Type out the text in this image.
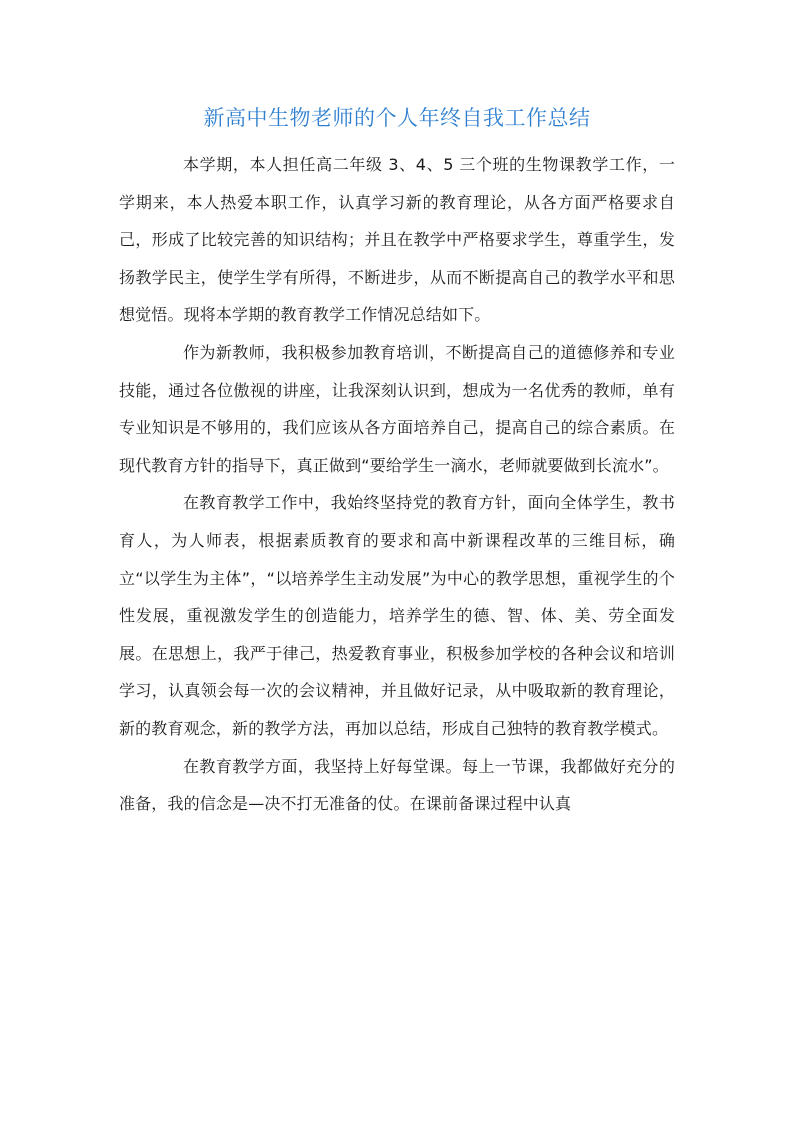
新高中生物老师的个人年终自我工作总结

本学期，本人担任高二年级 3、4、5 三个班的生物课教学工作，一学期来，本人热爱本职工作，认真学习新的教育理论，从各方面严格要求自己，形成了比较完善的知识结构；并且在教学中严格要求学生，尊重学生，发扬教学民主，使学生学有所得，不断进步，从而不断提高自己的教学水平和思想觉悟。现将本学期的教育教学工作情况总结如下。

作为新教师，我积极参加教育培训，不断提高自己的道德修养和专业技能，通过各位傲视的讲座，让我深刻认识到，想成为一名优秀的教师，单有专业知识是不够用的，我们应该从各方面培养自己，提高自己的综合素质。在现代教育方针的指导下，真正做到“要给学生一滴水，老师就要做到长流水”。

在教育教学工作中，我始终坚持党的教育方针，面向全体学生，教书育人，为人师表，根据素质教育的要求和高中新课程改革的三维目标，确立“以学生为主体”，“以培养学生主动发展”为中心的教学思想，重视学生的个性发展，重视激发学生的创造能力，培养学生的德、智、体、美、劳全面发展。在思想上，我严于律己，热爱教育事业，积极参加学校的各种会议和培训学习，认真领会每一次的会议精神，并且做好记录，从中吸取新的教育理论，新的教育观念，新的教学方法，再加以总结，形成自己独特的教育教学模式。

在教育教学方面，我坚持上好每堂课。每上一节课，我都做好充分的准备，我的信念是—决不打无准备的仗。在课前备课过程中认真
